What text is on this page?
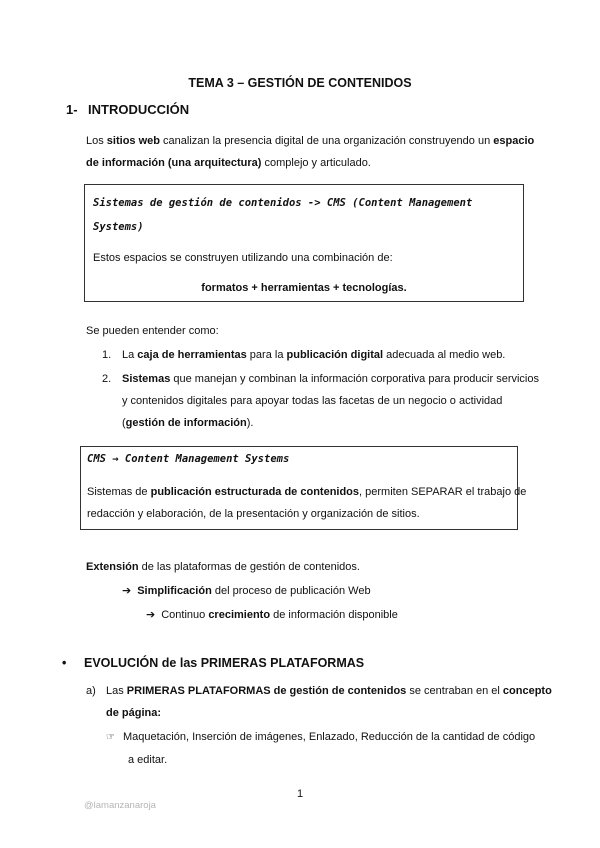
TEMA 3 – GESTIÓN DE CONTENIDOS
1- INTRODUCCIÓN
Los sitios web canalizan la presencia digital de una organización construyendo un espacio
de información (una arquitectura) complejo y articulado.
Sistemas de gestión de contenidos -> CMS (Content Management
Systems)
Estos espacios se construyen utilizando una combinación de:
formatos + herramientas + tecnologías.
Se pueden entender como:
1. La caja de herramientas para la publicación digital adecuada al medio web.
2. Sistemas que manejan y combinan la información corporativa para producir servicios
y contenidos digitales para apoyar todas las facetas de un negocio o actividad
(gestión de información).
CMS → Content Management Systems
Sistemas de publicación estructurada de contenidos, permiten SEPARAR el trabajo de
redacción y elaboración, de la presentación y organización de sitios.
Extensión de las plataformas de gestión de contenidos.
➔ Simplificación del proceso de publicación Web
➔ Continuo crecimiento de información disponible
• EVOLUCIÓN de las PRIMERAS PLATAFORMAS
a) Las PRIMERAS PLATAFORMAS de gestión de contenidos se centraban en el concepto
de página:
☞ Maquetación, Inserción de imágenes, Enlazado, Reducción de la cantidad de código
a editar.
1
@lamanzanaroja
